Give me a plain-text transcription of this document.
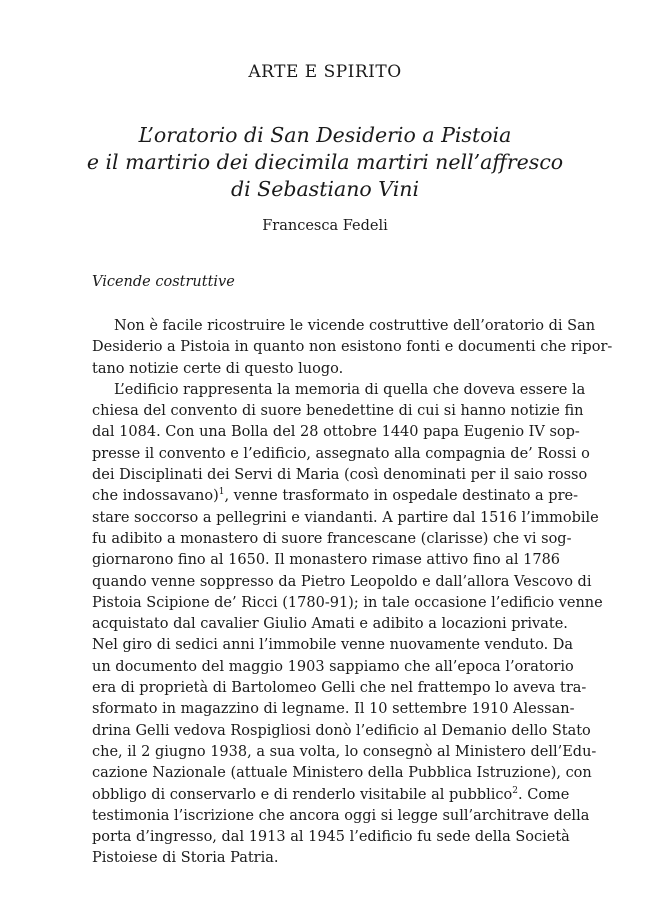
ARTE E SPIRITO
L’oratorio di San Desiderio a Pistoia
e il martirio dei diecimila martiri nell’affresco
di Sebastiano Vini
Francesca Fedeli
Vicende costruttive
Non è facile ricostruire le vicende costruttive dell’oratorio di San
Desiderio a Pistoia in quanto non esistono fonti e documenti che ripor-
tano notizie certe di questo luogo.
L’edificio rappresenta la memoria di quella che doveva essere la
chiesa del convento di suore benedettine di cui si hanno notizie fin
dal 1084. Con una Bolla del 28 ottobre 1440 papa Eugenio IV sop-
presse il convento e l’edificio, assegnato alla compagnia de’ Rossi o
dei Disciplinati dei Servi di Maria (così denominati per il saio rosso
che indossavano)$^1$, venne trasformato in ospedale destinato a pre-
stare soccorso a pellegrini e viandanti. A partire dal 1516 l’immobile
fu adibito a monastero di suore francescane (clarisse) che vi sog-
giornarono fino al 1650. Il monastero rimase attivo fino al 1786
quando venne soppresso da Pietro Leopoldo e dall’allora Vescovo di
Pistoia Scipione de’ Ricci (1780-91); in tale occasione l’edificio venne
acquistato dal cavalier Giulio Amati e adibito a locazioni private.
Nel giro di sedici anni l’immobile venne nuovamente venduto. Da
un documento del maggio 1903 sappiamo che all’epoca l’oratorio
era di proprietà di Bartolomeo Gelli che nel frattempo lo aveva tra-
sformato in magazzino di legname. Il 10 settembre 1910 Alessan-
drina Gelli vedova Rospigliosi donò l’edificio al Demanio dello Stato
che, il 2 giugno 1938, a sua volta, lo consegnò al Ministero dell’Edu-
cazione Nazionale (attuale Ministero della Pubblica Istruzione), con
obbligo di conservarlo e di renderlo visitabile al pubblico$^2$. Come
testimonia l’iscrizione che ancora oggi si legge sull’architrave della
porta d’ingresso, dal 1913 al 1945 l’edificio fu sede della Società
Pistoiese di Storia Patria.
